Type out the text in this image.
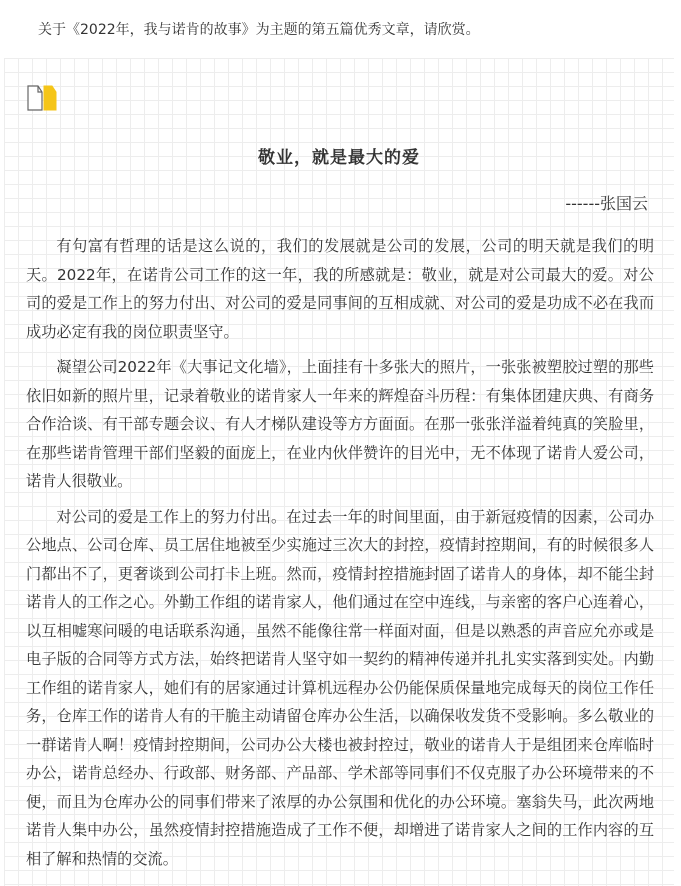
关于《2022年，我与诺肯的故事》为主题的第五篇优秀文章，请欣赏。
敬业，就是最大的爱
------张国云

有句富有哲理的话是这么说的，我们的发展就是公司的发展，公司的明天就是我们的明天。2022年，在诺肯公司工作的这一年，我的所感就是：敬业，就是对公司最大的爱。对公司的爱是工作上的努力付出、对公司的爱是同事间的互相成就、对公司的爱是功成不必在我而成功必定有我的岗位职责坚守。

凝望公司2022年《大事记文化墙》，上面挂有十多张大的照片，一张张被塑胶过塑的那些依旧如新的照片里，记录着敬业的诺肯家人一年来的辉煌奋斗历程：有集体团建庆典、有商务合作洽谈、有干部专题会议、有人才梯队建设等方方面面。在那一张张洋溢着纯真的笑脸里，在那些诺肯管理干部们坚毅的面庞上，在业内伙伴赞许的目光中，无不体现了诺肯人爱公司，诺肯人很敬业。

对公司的爱是工作上的努力付出。在过去一年的时间里面，由于新冠疫情的因素，公司办公地点、公司仓库、员工居住地被至少实施过三次大的封控，疫情封控期间，有的时候很多人门都出不了，更奢谈到公司打卡上班。然而，疫情封控措施封固了诺肯人的身体，却不能尘封诺肯人的工作之心。外勤工作组的诺肯家人，他们通过在空中连线，与亲密的客户心连着心，以互相嘘寒问暖的电话联系沟通，虽然不能像往常一样面对面，但是以熟悉的声音应允亦或是电子版的合同等方式方法，始终把诺肯人坚守如一契约的精神传递并扎扎实实落到实处。内勤工作组的诺肯家人，她们有的居家通过计算机远程办公仍能保质保量地完成每天的岗位工作任务，仓库工作的诺肯人有的干脆主动请留仓库办公生活，以确保收发货不受影响。多么敬业的一群诺肯人啊！疫情封控期间，公司办公大楼也被封控过，敬业的诺肯人于是组团来仓库临时办公，诺肯总经办、行政部、财务部、产品部、学术部等同事们不仅克服了办公环境带来的不便，而且为仓库办公的同事们带来了浓厚的办公氛围和优化的办公环境。塞翁失马，此次两地诺肯人集中办公，虽然疫情封控措施造成了工作不便，却增进了诺肯家人之间的工作内容的互相了解和热情的交流。
